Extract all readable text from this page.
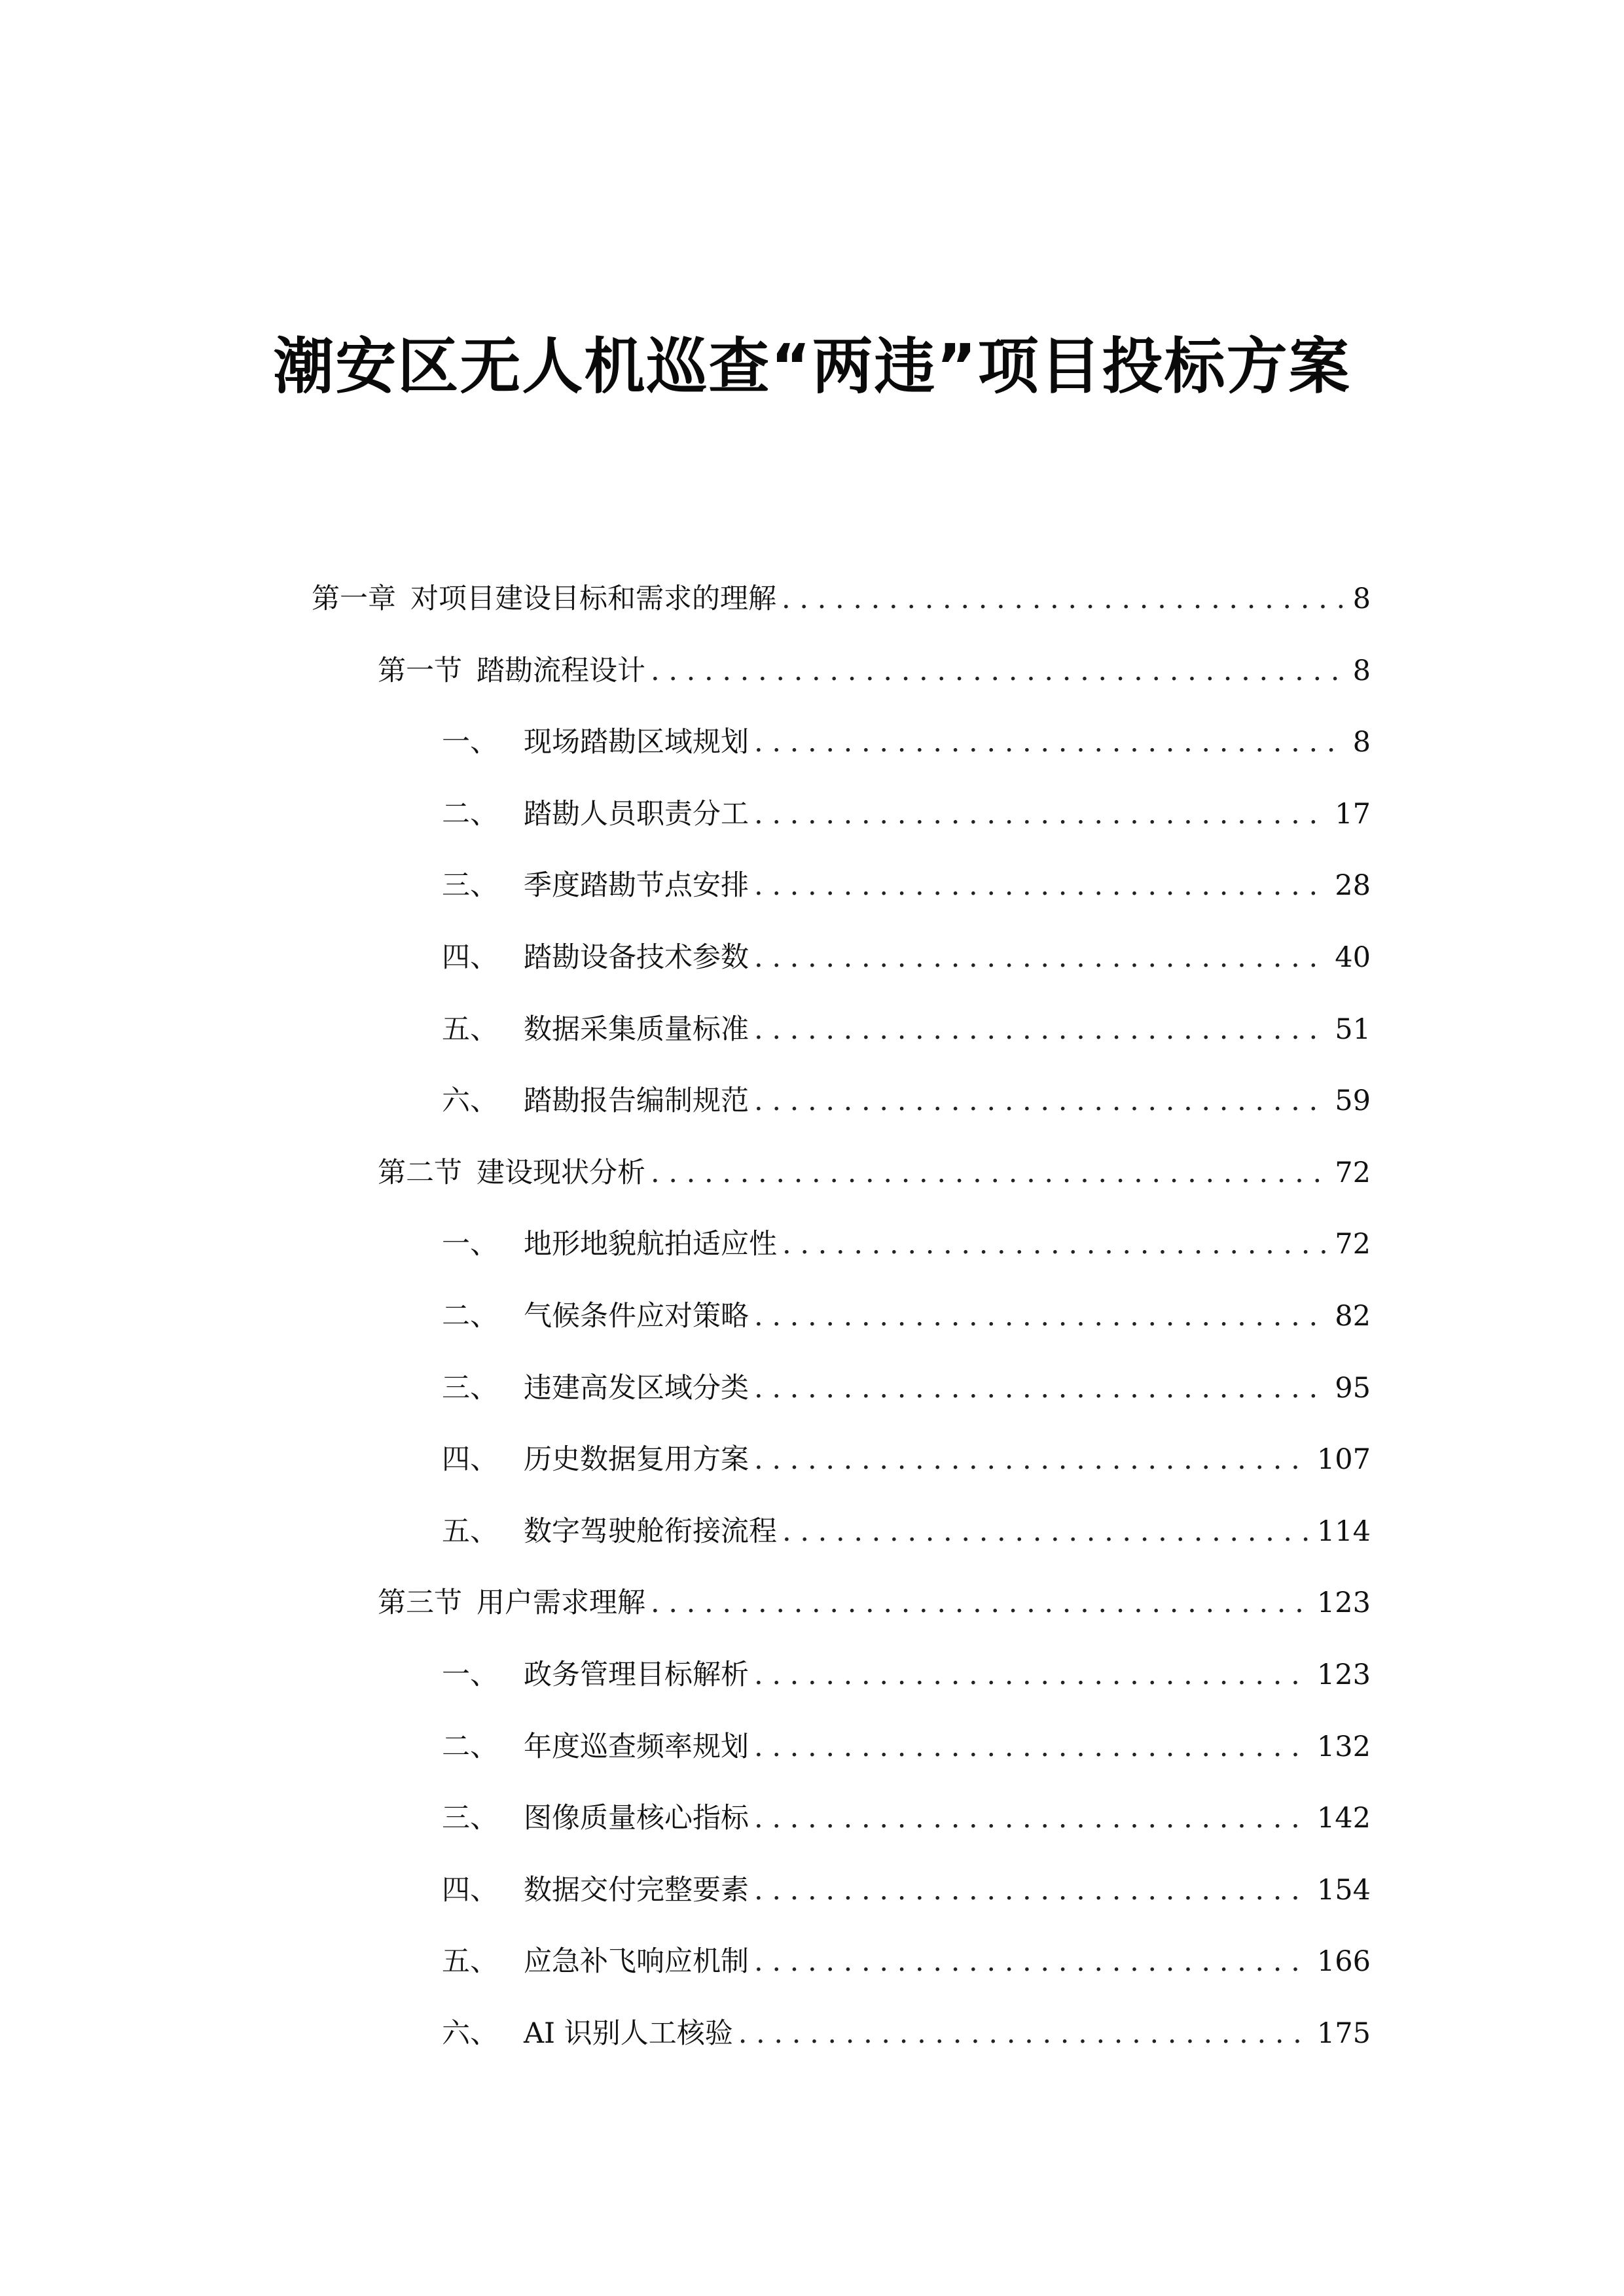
潮安区无人机巡查“两违”项目投标方案
第一章 对项目建设目标和需求的理解 . . .	8
第一节 踏勘流程设计 . . .	8
一、 现场踏勘区域规划 . . .	8
二、 踏勘人员职责分工 . . .	17
三、 季度踏勘节点安排 . . .	28
四、 踏勘设备技术参数 . . .	40
五、 数据采集质量标准 . . .	51
六、 踏勘报告编制规范 . . .	59
第二节 建设现状分析 . . .	72
一、 地形地貌航拍适应性 . . .	72
二、 气候条件应对策略 . . .	82
三、 违建高发区域分类 . . .	95
四、 历史数据复用方案 . . .	107
五、 数字驾驶舱衔接流程 . . .	114
第三节 用户需求理解 . . .	123
一、 政务管理目标解析 . . .	123
二、 年度巡查频率规划 . . .	132
三、 图像质量核心指标 . . .	142
四、 数据交付完整要素 . . .	154
五、 应急补飞响应机制 . . .	166
六、 AI 识别人工核验 . . .	175
